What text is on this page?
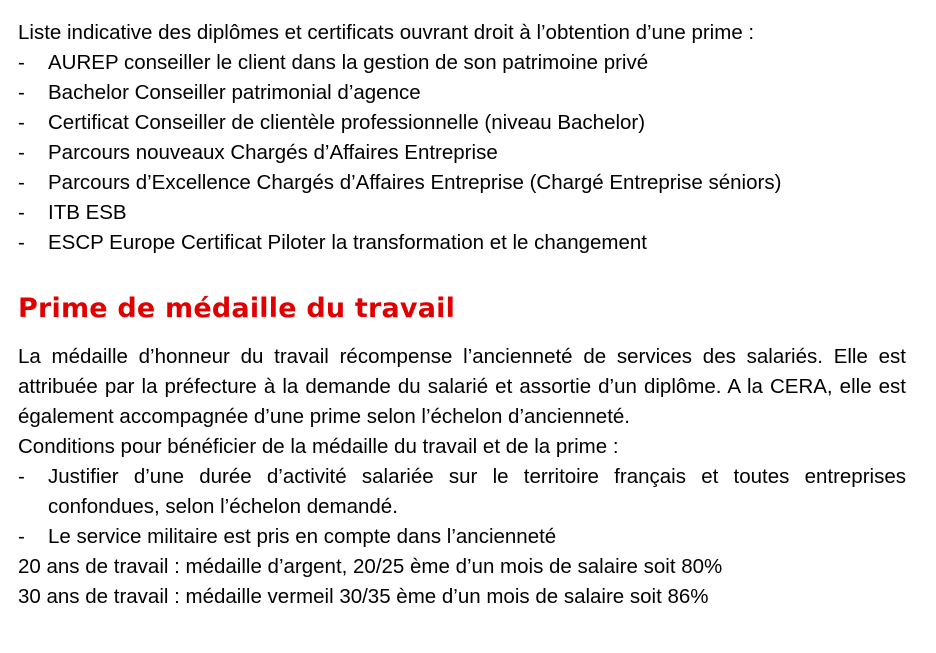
Liste indicative des diplômes et certificats ouvrant droit à l’obtention d’une prime :
- AUREP conseiller le client dans la gestion de son patrimoine privé
- Bachelor Conseiller patrimonial d’agence
- Certificat Conseiller de clientèle professionnelle (niveau Bachelor)
- Parcours nouveaux Chargés d’Affaires Entreprise
- Parcours d’Excellence Chargés d’Affaires Entreprise (Chargé Entreprise séniors)
- ITB ESB
- ESCP Europe Certificat Piloter la transformation et le changement
Prime de médaille du travail
La médaille d’honneur du travail récompense l’ancienneté de services des salariés. Elle est attribuée par la préfecture à la demande du salarié et assortie d’un diplôme. A la CERA, elle est également accompagnée d’une prime selon l’échelon d’ancienneté.
Conditions pour bénéficier de la médaille du travail et de la prime :
- Justifier d’une durée d’activité salariée sur le territoire français et toutes entreprises confondues, selon l’échelon demandé.
- Le service militaire est pris en compte dans l’ancienneté
20 ans de travail : médaille d’argent, 20/25 ème d’un mois de salaire soit 80%
30 ans de travail : médaille vermeil 30/35 ème d’un mois de salaire soit 86%
